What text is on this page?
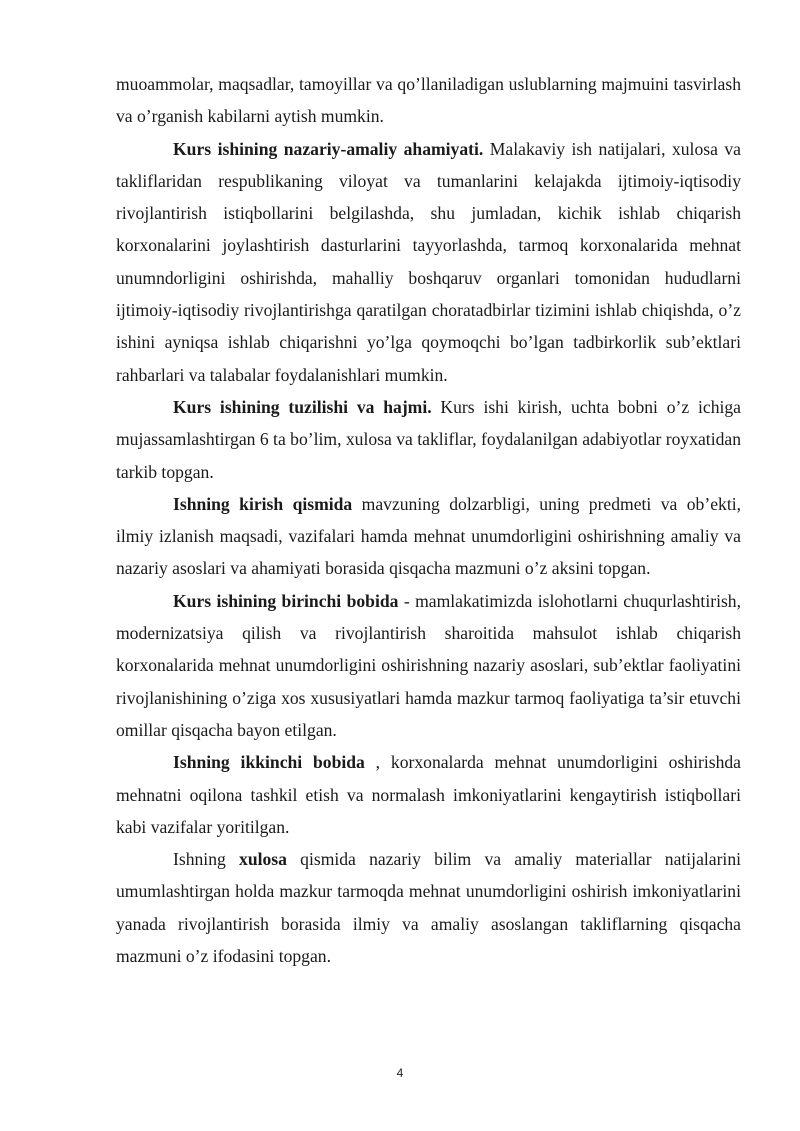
muoammolar, maqsadlar, tamoyillar va qo’llaniladigan uslublarning majmuini tasvirlash va o’rganish kabilarni aytish mumkin.

Kurs ishining nazariy-amaliy ahamiyati. Malakaviy ish natijalari, xulosa va takliflaridan respublikaning viloyat va tumanlarini kelajakda ijtimoiy-iqtisodiy rivojlantirish istiqbollarini belgilashda, shu jumladan, kichik ishlab chiqarish korxonalarini joylashtirish dasturlarini tayyorlashda, tarmoq korxonalarida mehnat unumndorligini oshirishda, mahalliy boshqaruv organlari tomonidan hududlarni ijtimoiy-iqtisodiy rivojlantirishga qaratilgan choratadbirlar tizimini ishlab chiqishda, o’z ishini ayniqsa ishlab chiqarishni yo’lga qoymoqchi bo’lgan tadbirkorlik sub’ektlari rahbarlari va talabalar foydalanishlari mumkin.

Kurs ishining tuzilishi va hajmi. Kurs ishi kirish, uchta bobni o’z ichiga mujassamlashtirgan 6 ta bo’lim, xulosa va takliflar, foydalanilgan adabiyotlar royxatidan tarkib topgan.

Ishning kirish qismida mavzuning dolzarbligi, uning predmeti va ob’ekti, ilmiy izlanish maqsadi, vazifalari hamda mehnat unumdorligini oshirishning amaliy va nazariy asoslari va ahamiyati borasida qisqacha mazmuni o’z aksini topgan.

Kurs ishining birinchi bobida - mamlakatimizda islohotlarni chuqurlashtirish, modernizatsiya qilish va rivojlantirish sharoitida mahsulot ishlab chiqarish korxonalarida mehnat unumdorligini oshirishning nazariy asoslari, sub’ektlar faoliyatini rivojlanishining o’ziga xos xususiyatlari hamda mazkur tarmoq faoliyatiga ta’sir etuvchi omillar qisqacha bayon etilgan.

Ishning ikkinchi bobida , korxonalarda mehnat unumdorligini oshirishda mehnatni oqilona tashkil etish va normalash imkoniyatlarini kengaytirish istiqbollari kabi vazifalar yoritilgan.

Ishning xulosa qismida nazariy bilim va amaliy materiallar natijalarini umumlashtirgan holda mazkur tarmoqda mehnat unumdorligini oshirish imkoniyatlarini yanada rivojlantirish borasida ilmiy va amaliy asoslangan takliflarning qisqacha mazmuni o’z ifodasini topgan.

4
